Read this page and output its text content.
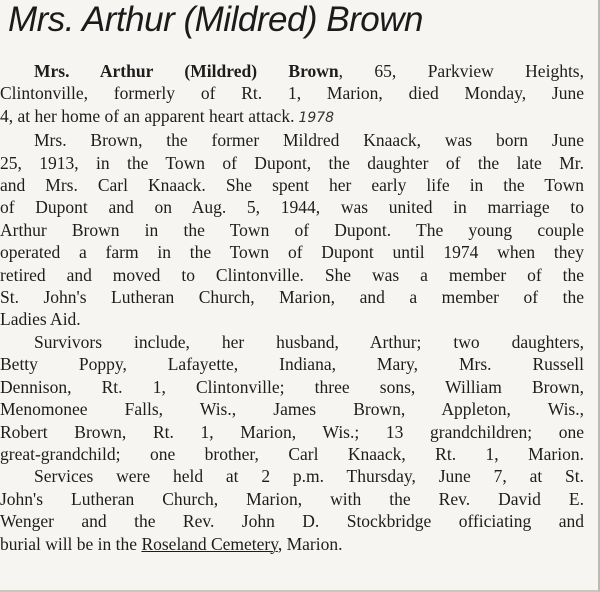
Mrs. Arthur (Mildred) Brown
Mrs. Arthur (Mildred) Brown, 65, Parkview Heights,
Clintonville, formerly of Rt. 1, Marion, died Monday, June
4, at her home of an apparent heart attack. 1978
Mrs. Brown, the former Mildred Knaack, was born June
25, 1913, in the Town of Dupont, the daughter of the late Mr.
and Mrs. Carl Knaack. She spent her early life in the Town
of Dupont and on Aug. 5, 1944, was united in marriage to
Arthur Brown in the Town of Dupont. The young couple
operated a farm in the Town of Dupont until 1974 when they
retired and moved to Clintonville. She was a member of the
St. John's Lutheran Church, Marion, and a member of the
Ladies Aid.
Survivors include, her husband, Arthur; two daughters,
Betty Poppy, Lafayette, Indiana, Mary, Mrs. Russell
Dennison, Rt. 1, Clintonville; three sons, William Brown,
Menomonee Falls, Wis., James Brown, Appleton, Wis.,
Robert Brown, Rt. 1, Marion, Wis.; 13 grandchildren; one
great-grandchild; one brother, Carl Knaack, Rt. 1, Marion.
Services were held at 2 p.m. Thursday, June 7, at St.
John's Lutheran Church, Marion, with the Rev. David E.
Wenger and the Rev. John D. Stockbridge officiating and
burial will be in the Roseland Cemetery, Marion.
